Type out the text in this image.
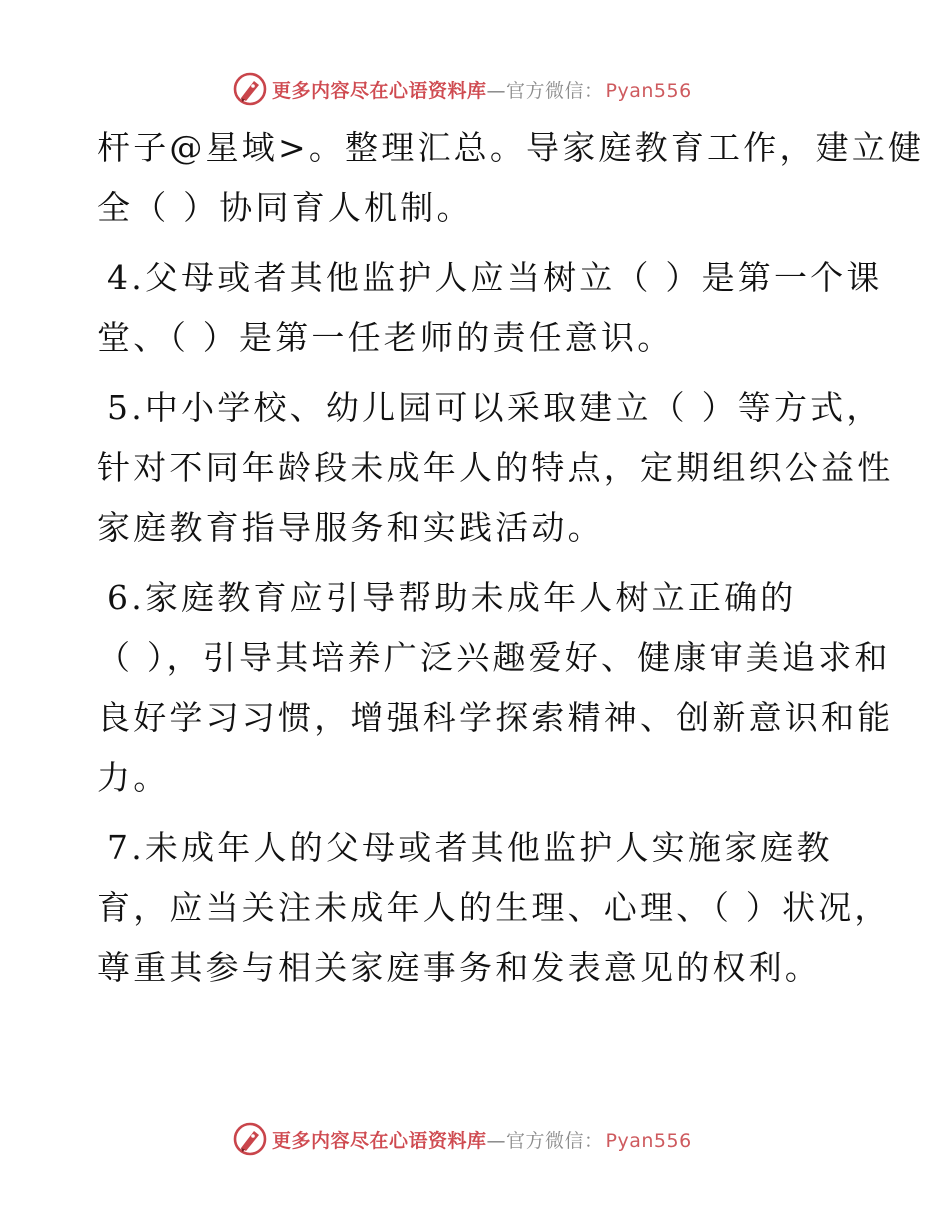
更多内容尽在心语资料库—官方微信： Pyan556

杆子@星域>。整理汇总。导家庭教育工作，建立健
全（ ）协同育人机制。

4.父母或者其他监护人应当树立（ ）是第一个课
堂、（ ）是第一任老师的责任意识。

5.中小学校、幼儿园可以采取建立（ ）等方式，
针对不同年龄段未成年人的特点，定期组织公益性
家庭教育指导服务和实践活动。

6.家庭教育应引导帮助未成年人树立正确的
（ ），引导其培养广泛兴趣爱好、健康审美追求和
良好学习习惯，增强科学探索精神、创新意识和能
力。

7.未成年人的父母或者其他监护人实施家庭教
育，应当关注未成年人的生理、心理、（ ）状况，
尊重其参与相关家庭事务和发表意见的权利。

更多内容尽在心语资料库—官方微信： Pyan556
